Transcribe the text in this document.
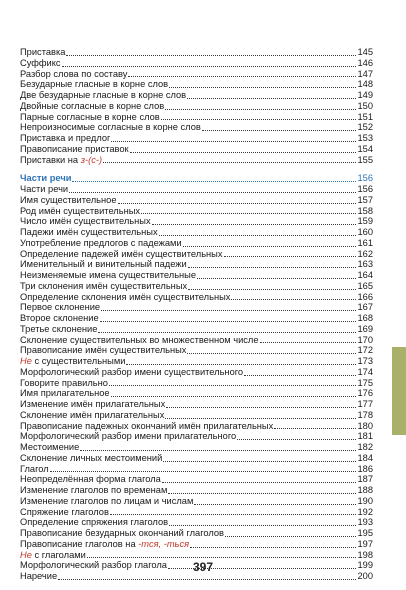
Приставка	145
Суффикс	146
Разбор слова по составу	147
Безударные гласные в корне слов	148
Две безударные гласные в корне слов	149
Двойные согласные в корне слов	150
Парные согласные в корне слов	151
Непроизносимые согласные в корне слов	152
Приставка и предлог	153
Правописание приставок	154
Приставки на з-(с-)	155
Части речи	156
Части речи	156
Имя существительное	157
Род имён существительных	158
Число имён существительных	159
Падежи имён существительных	160
Употребление предлогов с падежами	161
Определение падежей имён существительных	162
Именительный и винительный падежи	163
Неизменяемые имена существительные	164
Три склонения имён существительных	165
Определение склонения имён существительных	166
Первое склонение	167
Второе склонение	168
Третье склонение	169
Склонение существительных во множественном числе	170
Правописание имён существительных	172
Не с существительными	173
Морфологический разбор имени существительного	174
Говорите правильно	175
Имя прилагательное	176
Изменение имён прилагательных	177
Склонение имён прилагательных	178
Правописание падежных окончаний имён прилагательных	180
Морфологический разбор имени прилагательного	181
Местоимение	182
Склонение личных местоимений	184
Глагол	186
Неопределённая форма глагола	187
Изменение глаголов по временам	188
Изменение глаголов по лицам и числам	190
Спряжение глаголов	192
Определение спряжения глаголов	193
Правописание безударных окончаний глаголов	195
Правописание глаголов на -тся, -ться	197
Не с глаголами	198
Морфологический разбор глагола	199
Наречие	200
397
